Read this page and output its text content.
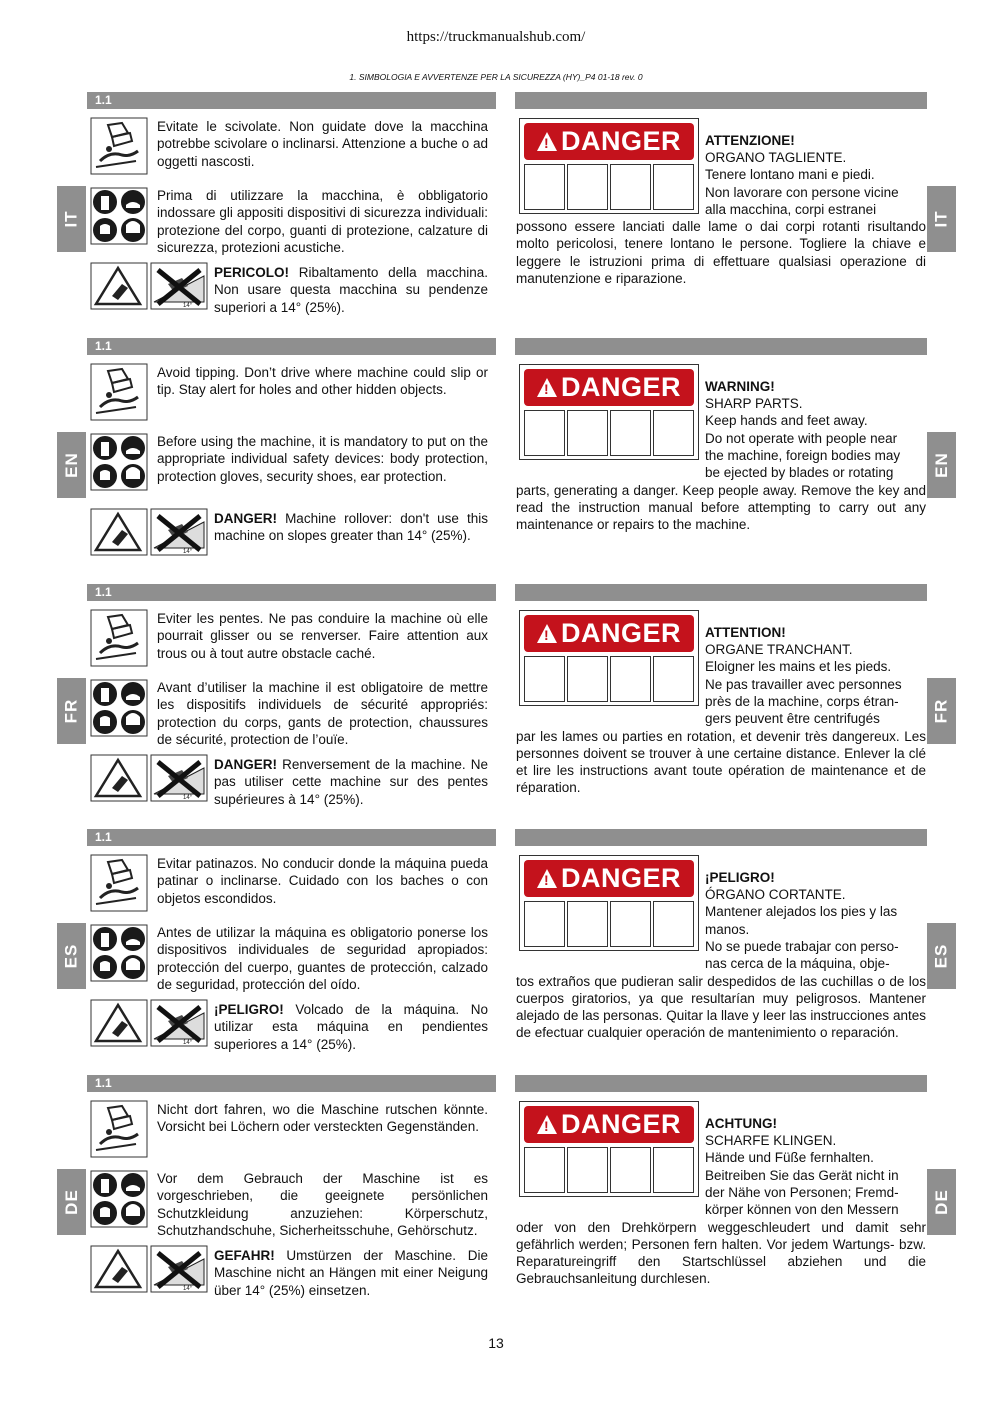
https://truckmanualshub.com/
1. SIMBOLOGIA E AVVERTENZE PER LA SICUREZZA (HY)_P4 01-18 rev. 0
1.1
IT	IT
Evitate le scivolate. Non guidate dove la macchina potrebbe scivolare o inclinarsi. Attenzione a buche o ad oggetti nascosti.
Prima di utilizzare la macchina, è obbligatorio indossare gli appositi dispositivi di sicurezza individuali: protezione del corpo, guanti di protezione, calzature di sicurezza, protezioni acustiche.
14°
PERICOLO! Ribaltamento della macchina. Non usare questa macchina su pendenze superiori a 14° (25%).
!
DANGER ATTENZIONE!
ORGANO TAGLIENTE.
Tenere lontano mani e piedi.
Non lavorare con persone vicine
alla macchina, corpi estranei
possono essere lanciati dalle lame o dai corpi rotanti risultando molto pericolosi, tenere lontano le persone. Togliere la chiave e leggere le istruzioni prima di effettuare qualsiasi operazione di manutenzione e riparazione.
1.1
EN	EN
Avoid tipping. Don’t drive where machine could slip or tip. Stay alert for holes and other hidden objects.
Before using the machine, it is mandatory to put on the appropriate individual safety devices: body protection, protection gloves, security shoes, ear protection.
14°
DANGER! Machine rollover: don't use this machine on slopes greater than 14° (25%).
!
DANGER WARNING!
SHARP PARTS.
Keep hands and feet away.
Do not operate with people near
the machine, foreign bodies may
be ejected by blades or rotating
parts, generating a danger. Keep people away. Remove the key and read the instruction manual before attempting to carry out any maintenance or repairs to the machine.
1.1
FR	FR
Eviter les pentes. Ne pas conduire la machine où elle pourrait glisser ou se renverser. Faire attention aux trous ou à tout autre obstacle caché.
Avant d’utiliser la machine il est obligatoire de mettre les dispositifs individuels de sécurité appropriés: protection du corps, gants de protection, chaussures de sécurité, protection de l’ouïe.
14°
DANGER! Renversement de la machine. Ne pas utiliser cette machine sur des pentes supérieures à 14° (25%).
!
DANGER ATTENTION!
ORGANE TRANCHANT.
Eloigner les mains et les pieds.
Ne pas travailler avec personnes
près de la machine, corps étran-
gers peuvent être centrifugés
par les lames ou parties en rotation, et devenir très dangereux. Les personnes doivent se trouver à une certaine distance. Enlever la clé et lire les instructions avant toute opération de maintenance et de réparation.
1.1
ES	ES
Evitar patinazos. No conducir donde la máquina pueda patinar o inclinarse. Cuidado con los baches o con objetos escondidos.
Antes de utilizar la máquina es obligatorio ponerse los dispositivos individuales de seguridad apropiados: protección del cuerpo, guantes de protección, calzado de seguridad, protección del oído.
14°
¡PELIGRO! Volcado de la máquina. No utilizar esta máquina en pendientes superiores a 14° (25%).
!
DANGER ¡PELIGRO!
ÓRGANO CORTANTE.
Mantener alejados los pies y las
manos.
No se puede trabajar con perso-
nas cerca de la máquina, obje-
tos extraños que pudieran salir despedidos de las cuchillas o de los cuerpos giratorios, ya que resultarían muy peligrosos. Mantener alejado de las personas. Quitar la llave y leer las instrucciones antes de efectuar cualquier operación de mantenimiento o reparación.
1.1
DE	DE
Nicht dort fahren, wo die Maschine rutschen könnte. Vorsicht bei Löchern oder versteckten Gegenständen.
Vor dem Gebrauch der Maschine ist es vorgeschrieben, die geeignete persönlichen Schutzkleidung anzuziehen: Körperschutz, Schutzhandschuhe, Sicherheitsschuhe, Gehörschutz.
14°
GEFAHR! Umstürzen der Maschine. Die Maschine nicht an Hängen mit einer Neigung über 14° (25%) einsetzen.
!
DANGER ACHTUNG!
SCHARFE KLINGEN.
Hände und Füße fernhalten.
Beitreiben Sie das Gerät nicht in
der Nähe von Personen; Fremd-
körper können von den Messern
oder von den Drehkörpern weggeschleudert und damit sehr gefährlich werden; Personen fern halten. Vor jedem Wartungs- bzw. Reparatureingriff den Startschlüssel abziehen und die Gebrauchsanleitung durchlesen.
13
